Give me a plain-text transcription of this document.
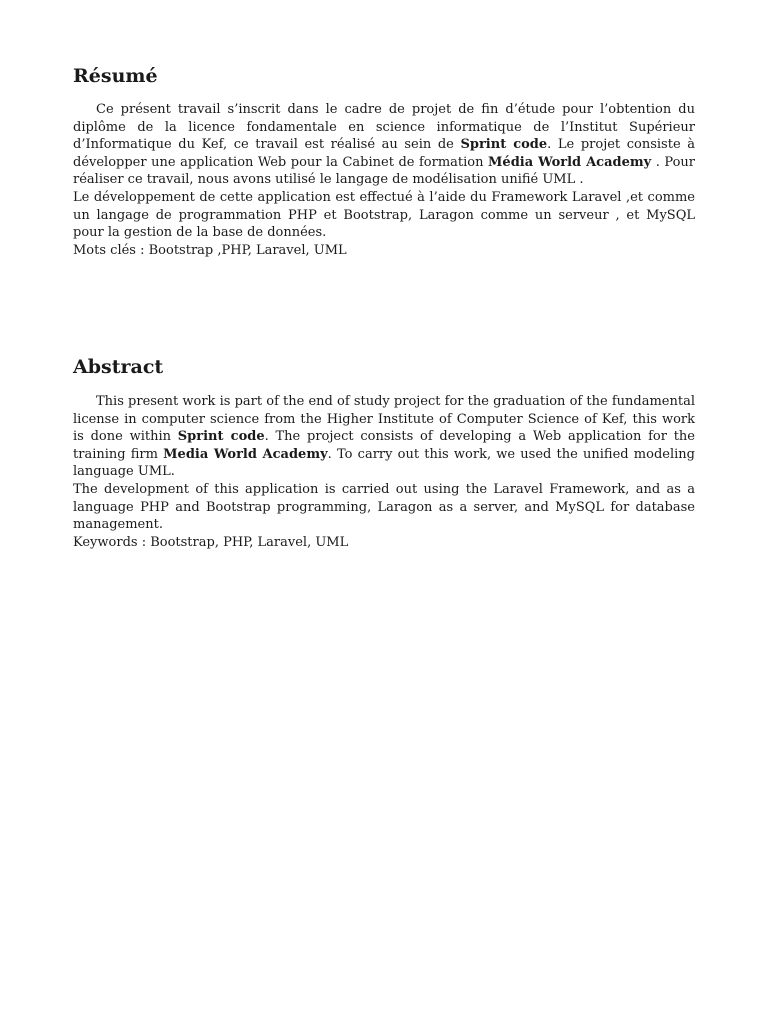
Résumé

Ce présent travail s’inscrit dans le cadre de projet de fin d’étude pour l’obtention du diplôme de la licence fondamentale en science informatique de l’Institut Supérieur d’Informatique du Kef, ce travail est réalisé au sein de Sprint code. Le projet consiste à développer une application Web pour la Cabinet de formation Média World Academy . Pour réaliser ce travail, nous avons utilisé le langage de modélisation unifié UML .

Le développement de cette application est effectué à l’aide du Framework Laravel ,et comme un langage de programmation PHP et Bootstrap, Laragon comme un serveur , et MySQL pour la gestion de la base de données.

Mots clés : Bootstrap ,PHP, Laravel, UML

Abstract

This present work is part of the end of study project for the graduation of the fundamental license in computer science from the Higher Institute of Computer Science of Kef, this work is done within Sprint code. The project consists of developing a Web application for the training firm Media World Academy. To carry out this work, we used the unified modeling language UML.

The development of this application is carried out using the Laravel Framework, and as a language PHP and Bootstrap programming, Laragon as a server, and MySQL for database management.

Keywords : Bootstrap, PHP, Laravel, UML
